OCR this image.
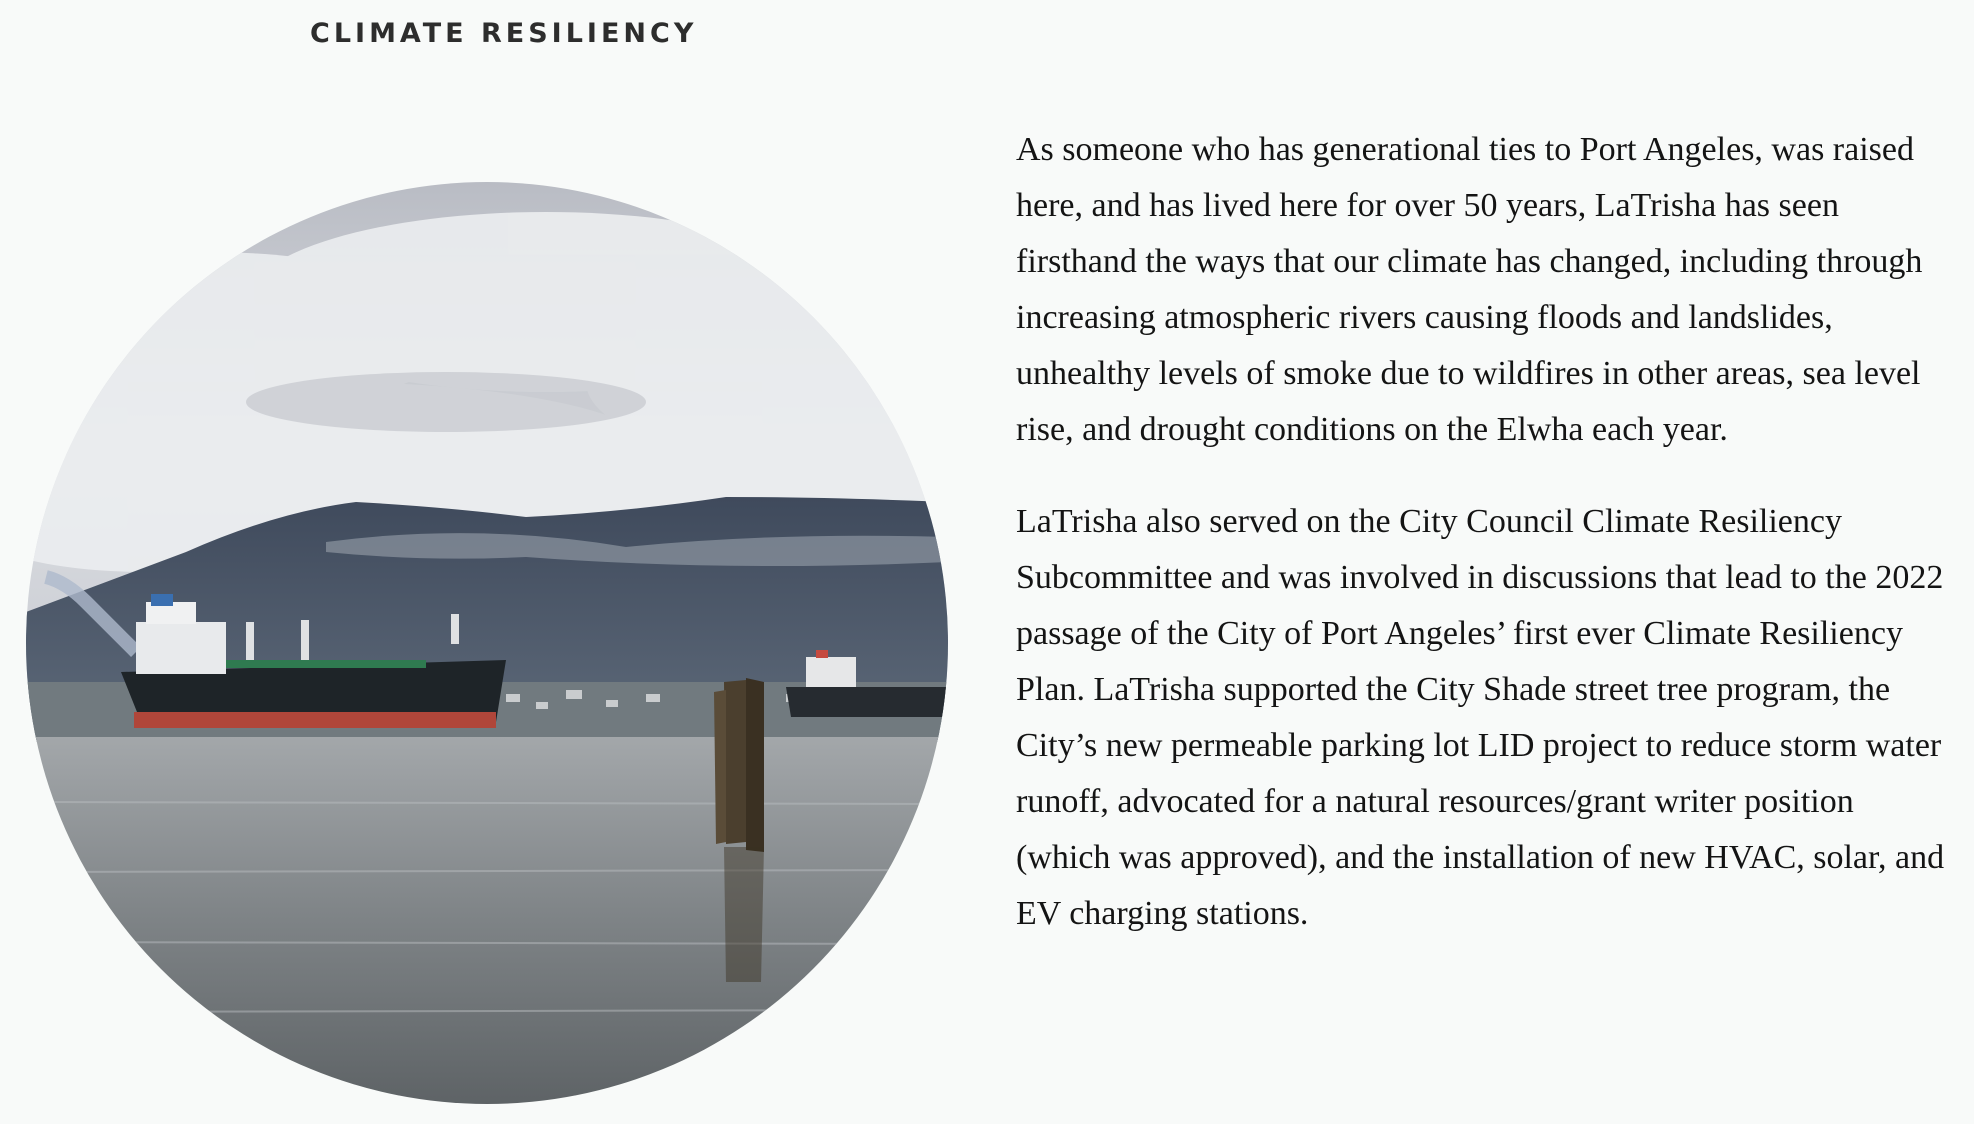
CLIMATE RESILIENCY

As someone who has generational ties to Port Angeles, was raised here, and has lived here for over 50 years, LaTrisha has seen firsthand the ways that our climate has changed, including through increasing atmospheric rivers causing floods and landslides, unhealthy levels of smoke due to wildfires in other areas, sea level rise, and drought conditions on the Elwha each year.

LaTrisha also served on the City Council Climate Resiliency Subcommittee and was involved in discussions that lead to the 2022 passage of the City of Port Angeles’ first ever Climate Resiliency Plan. LaTrisha supported the City Shade street tree program, the City’s new permeable parking lot LID project to reduce storm water runoff, advocated for a natural resources/grant writer position (which was approved), and the installation of new HVAC, solar, and EV charging stations.
